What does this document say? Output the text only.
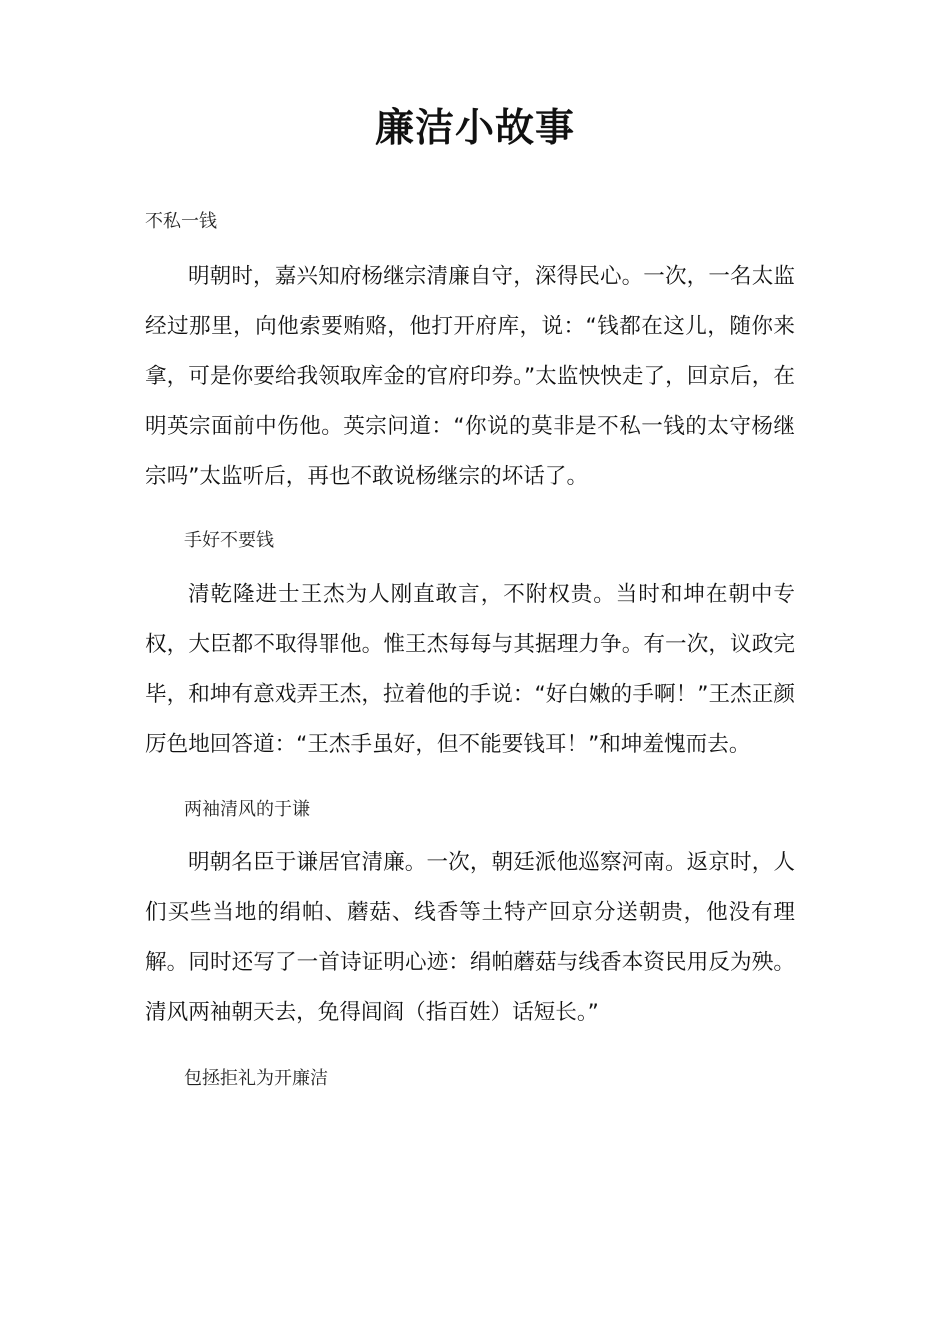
廉洁小故事
不私一钱

明朝时，嘉兴知府杨继宗清廉自守，深得民心。一次，一名太监经过那里，向他索要贿赂，他打开府库，说：“钱都在这儿，随你来拿，可是你要给我领取库金的官府印券。”太监怏怏走了，回京后，在明英宗面前中伤他。英宗问道：“你说的莫非是不私一钱的太守杨继宗吗”太监听后，再也不敢说杨继宗的坏话了。

手好不要钱

清乾隆进士王杰为人刚直敢言，不附权贵。当时和坤在朝中专权，大臣都不取得罪他。惟王杰每每与其据理力争。有一次，议政完毕，和坤有意戏弄王杰，拉着他的手说：“好白嫩的手啊！”王杰正颜厉色地回答道：“王杰手虽好，但不能要钱耳！”和坤羞愧而去。

两袖清风的于谦

明朝名臣于谦居官清廉。一次，朝廷派他巡察河南。返京时，人们买些当地的绢帕、蘑菇、线香等土特产回京分送朝贵，他没有理解。同时还写了一首诗证明心迹：绢帕蘑菇与线香本资民用反为殃。清风两袖朝天去，免得闾阎（指百姓）话短长。”

包拯拒礼为开廉洁
